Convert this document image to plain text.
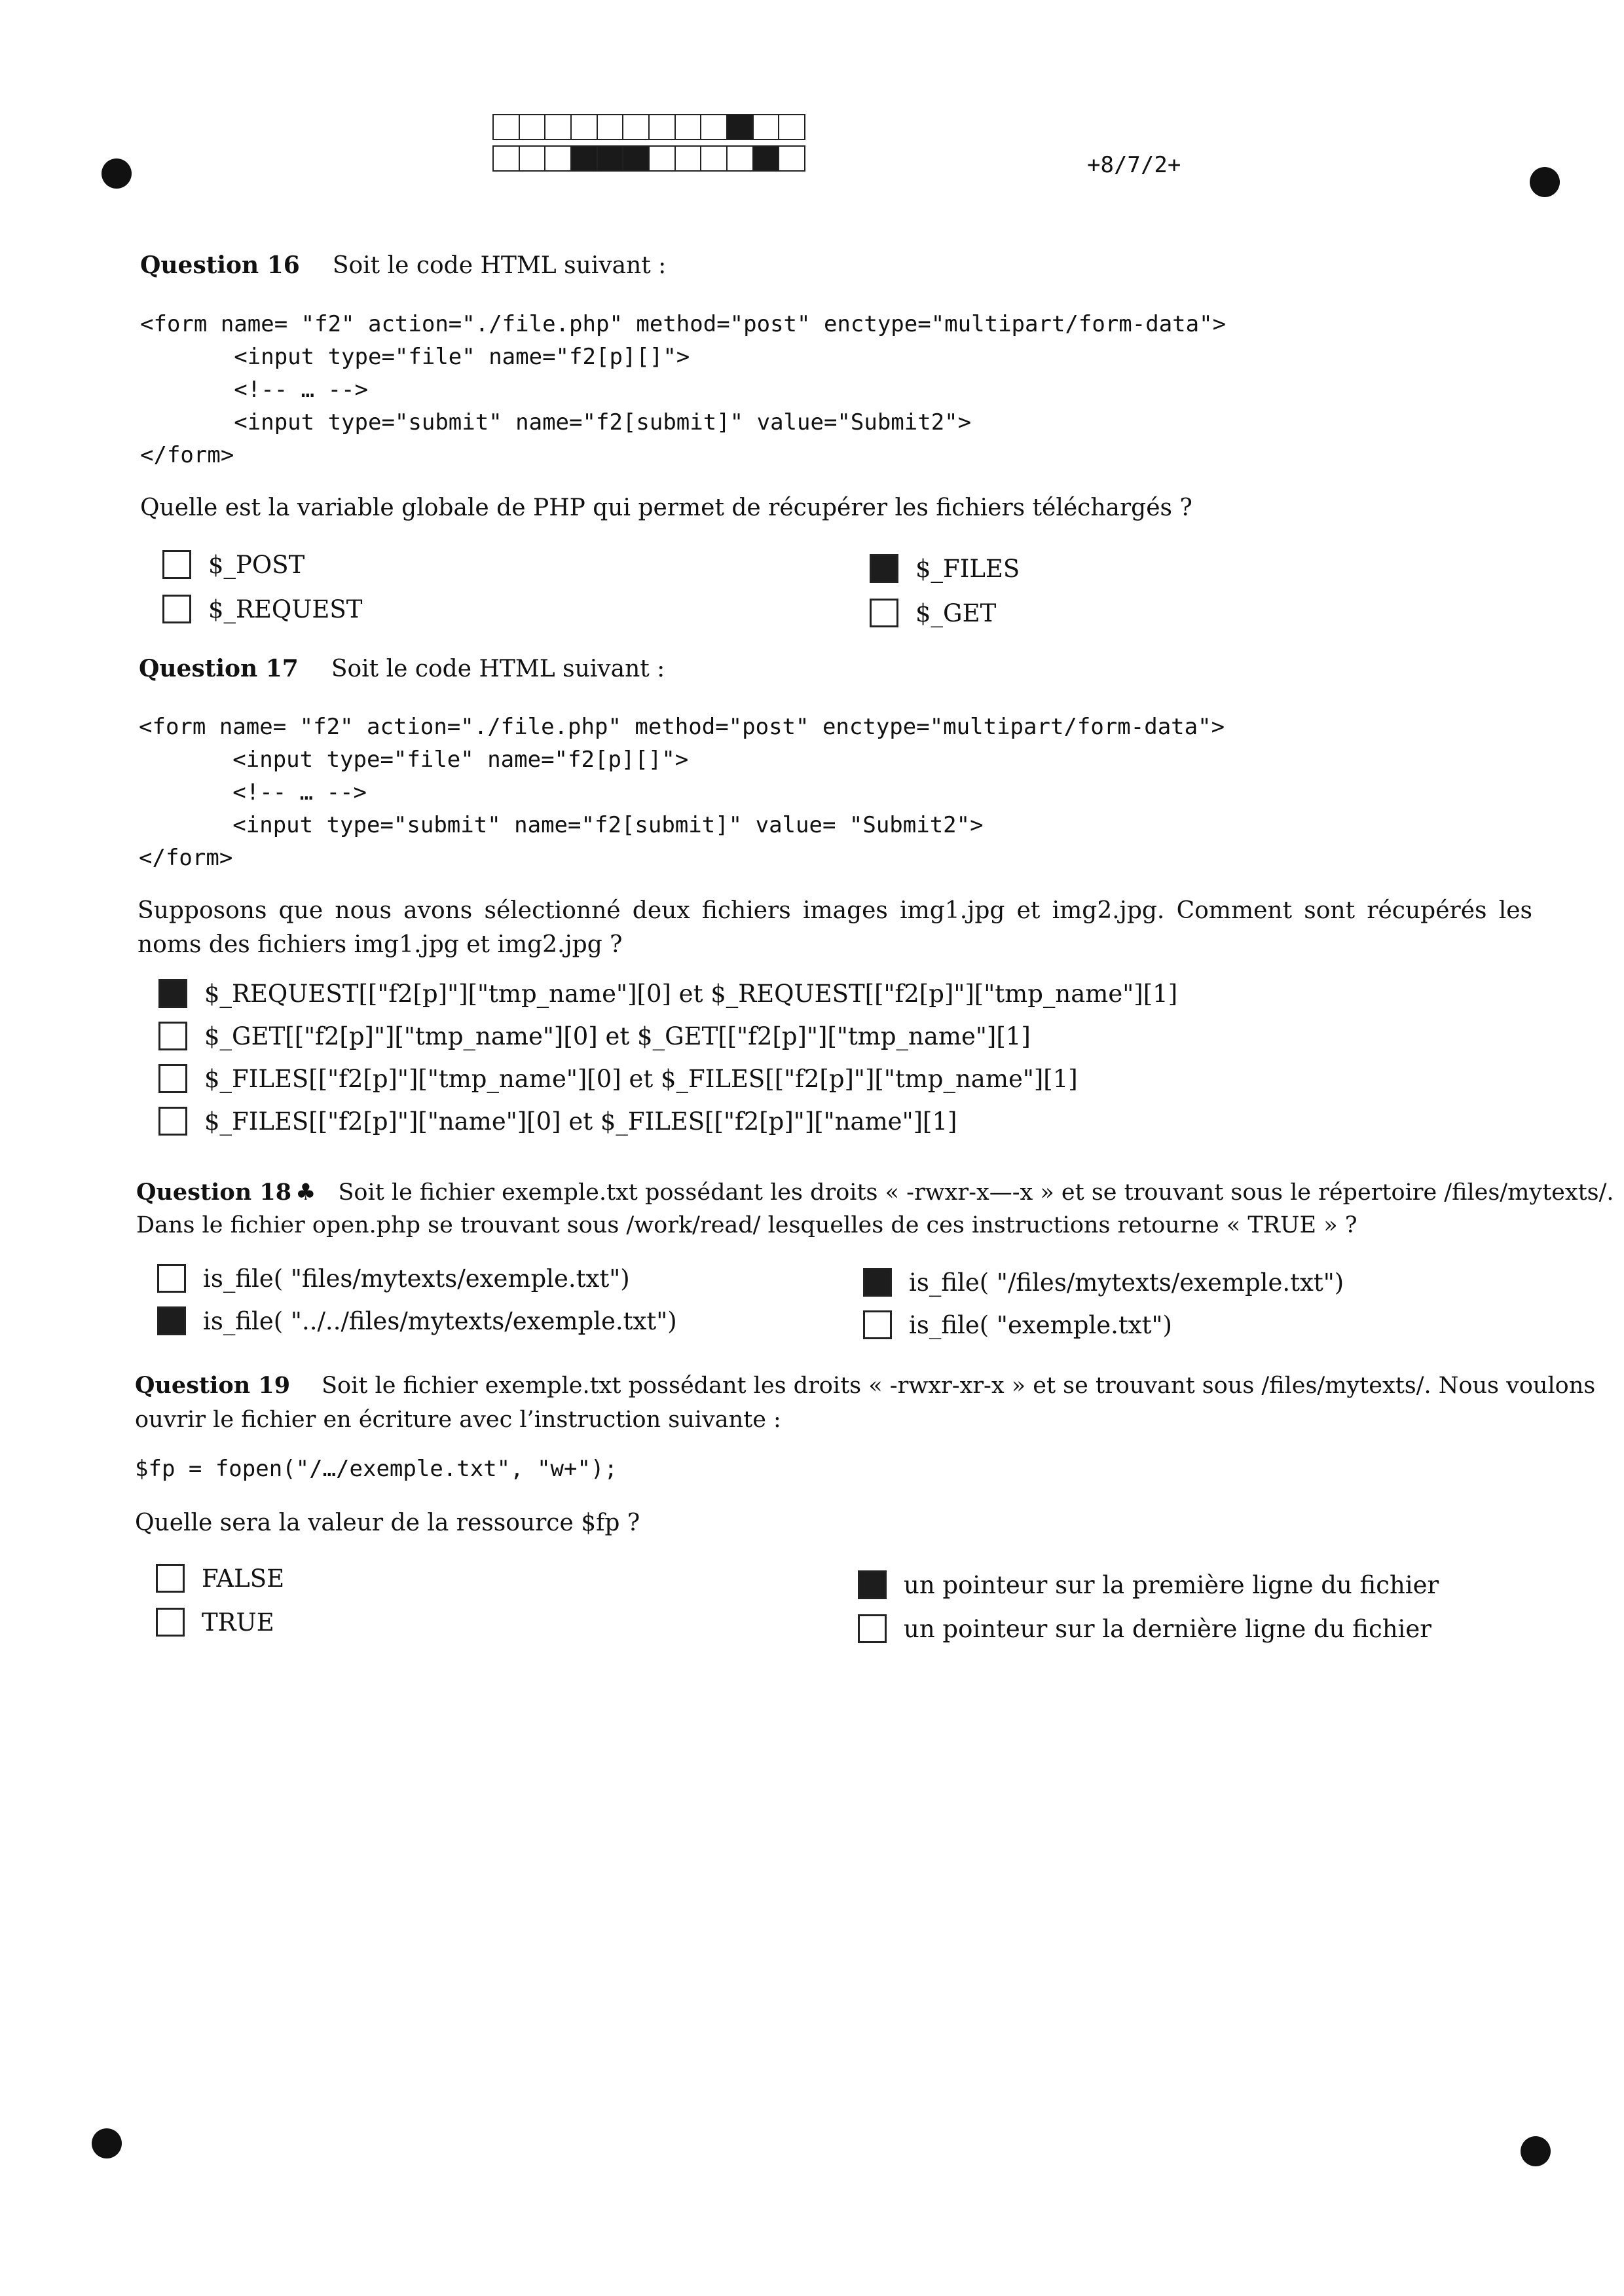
+8/7/2+
Question 16 Soit le code HTML suivant :
<form name= "f2" action="./file.php" method="post" enctype="multipart/form-data">
<input type="file" name="f2[p][]">
<!-- … -->
<input type="submit" name="f2[submit]" value="Submit2">
</form>
Quelle est la variable globale de PHP qui permet de récupérer les fichiers téléchargés ?
$_POST
$_REQUEST
$_FILES
$_GET
Question 17 Soit le code HTML suivant :
<form name= "f2" action="./file.php" method="post" enctype="multipart/form-data">
<input type="file" name="f2[p][]">
<!-- … -->
<input type="submit" name="f2[submit]" value= "Submit2">
</form>
Supposons que nous avons sélectionné deux fichiers images img1.jpg et img2.jpg. Comment sont récupérés les noms des fichiers img1.jpg et img2.jpg ?
$_REQUEST[["f2[p]"]["tmp_name"][0] et $_REQUEST[["f2[p]"]["tmp_name"][1]
$_GET[["f2[p]"]["tmp_name"][0] et $_GET[["f2[p]"]["tmp_name"][1]
$_FILES[["f2[p]"]["tmp_name"][0] et $_FILES[["f2[p]"]["tmp_name"][1]
$_FILES[["f2[p]"]["name"][0] et $_FILES[["f2[p]"]["name"][1]
Question 18 ♣ Soit le fichier exemple.txt possédant les droits « -rwxr-x—-x » et se trouvant sous le répertoire /files/mytexts/.
Dans le fichier open.php se trouvant sous /work/read/ lesquelles de ces instructions retourne « TRUE » ?
is_file( "files/mytexts/exemple.txt")
is_file( "../../files/mytexts/exemple.txt")
is_file( "/files/mytexts/exemple.txt")
is_file( "exemple.txt")
Question 19 Soit le fichier exemple.txt possédant les droits « -rwxr-xr-x » et se trouvant sous /files/mytexts/. Nous voulons
ouvrir le fichier en écriture avec l’instruction suivante :
$fp = fopen("/…/exemple.txt", "w+");
Quelle sera la valeur de la ressource $fp ?
FALSE
TRUE
un pointeur sur la première ligne du fichier
un pointeur sur la dernière ligne du fichier
